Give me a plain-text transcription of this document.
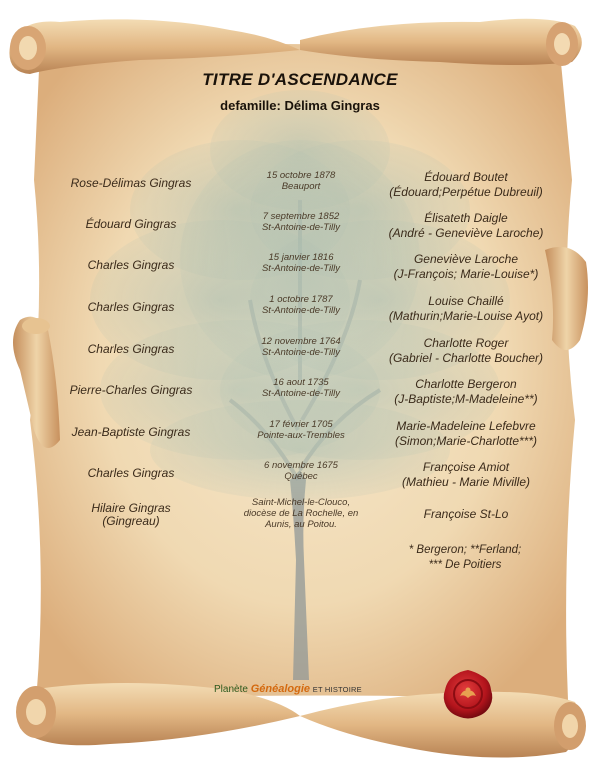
TITRE D'ASCENDANCE
defamille: Délima Gingras
Rose-Délimas Gingras
15 octobre 1878
Beauport
Édouard Boutet
(Édouard;Perpétue Dubreuil)
Édouard Gingras
7 septembre 1852
St-Antoine-de-Tilly
Élisateth Daigle
(André - Geneviève Laroche)
Charles Gingras
15 janvier 1816
St-Antoine-de-Tilly
Geneviève Laroche
(J-François; Marie-Louise*)
Charles Gingras
1 octobre 1787
St-Antoine-de-Tilly
Louise Chaillé
(Mathurin;Marie-Louise Ayot)
Charles Gingras
12 novembre 1764
St-Antoine-de-Tilly
Charlotte Roger
(Gabriel - Charlotte Boucher)
Pierre-Charles Gingras
16 aout 1735
St-Antoine-de-Tilly
Charlotte Bergeron
(J-Baptiste;M-Madeleine**)
Jean-Baptiste Gingras
17 février 1705
Pointe-aux-Trembles
Marie-Madeleine Lefebvre
(Simon;Marie-Charlotte***)
Charles Gingras
6 novembre 1675
Québec
Françoise Amiot
(Mathieu - Marie Miville)
Hilaire Gingras
(Gingreau)
Saint-Michel-le-Clouco,
diocèse de La Rochelle, en
Aunis, au Poitou.
Françoise St-Lo
* Bergeron; **Ferland;
*** De Poitiers
Planète Généalogie ET HISTOIRE
